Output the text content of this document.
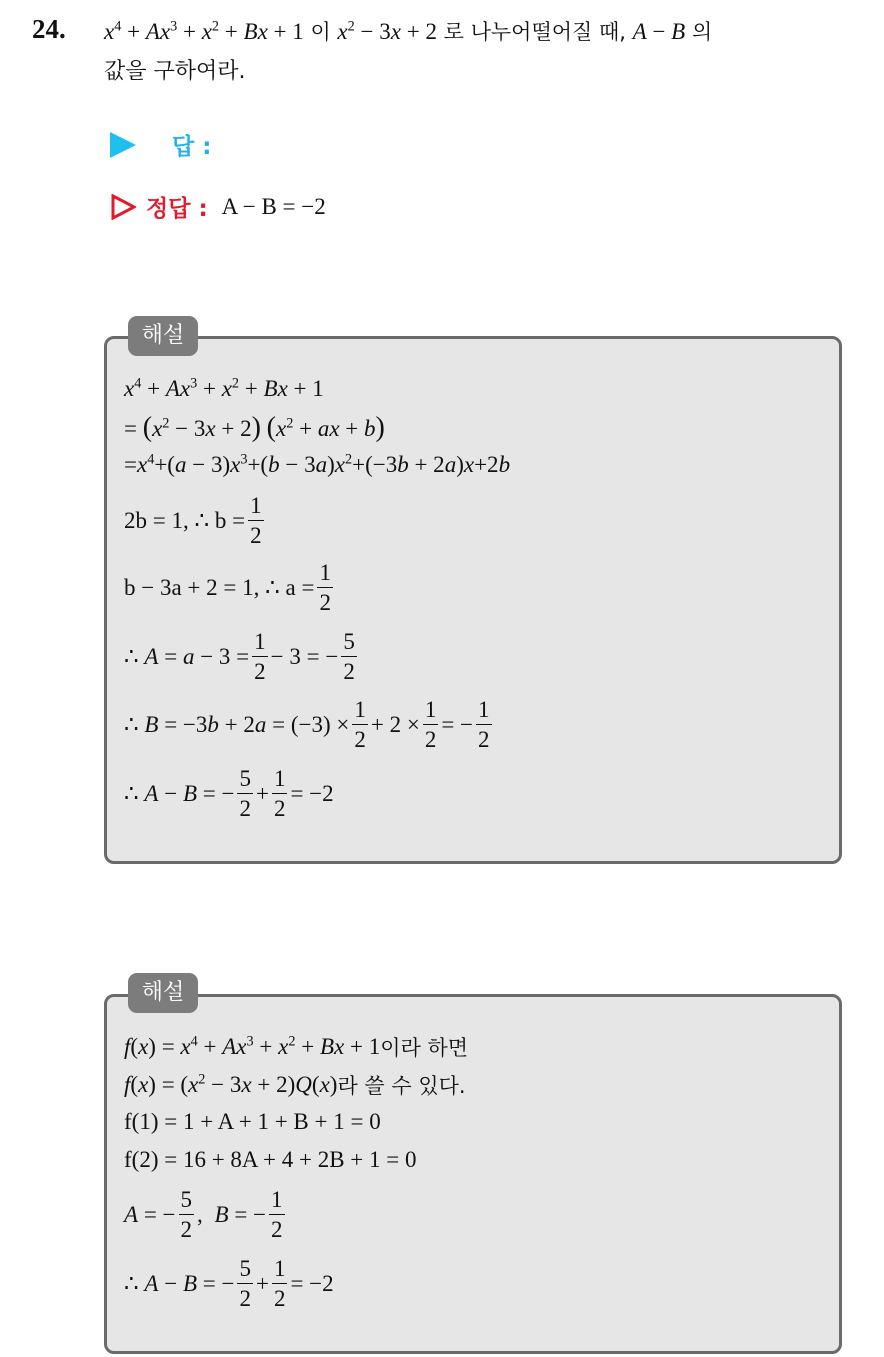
24. $x^4 + Ax^3 + x^2 + Bx + 1$ 이 $x^2 - 3x + 2$ 로 나누어떨어질 때, A − B 의
값을 구하여라.
답 :
정답 : A − B = −2
해설
$x^4 + Ax^3 + x^2 + Bx + 1$
= $(x^2 - 3x + 2) (x^2$ + ax + b)
$=x^4+(a - 3)x^3+(b - 3a)x^2+(-3b + 2a)x+2b$
2b = 1, ∴ $b = \frac{1}{2}$
b − 3a + 2 = 1, ∴ $a = \frac{1}{2}$
∴ $A = a - 3 = \frac{1}{2} - 3$ = − $\frac{5}{2}$
∴ $B = -3b + 2a = (-3) \times \frac{1}{2} + 2 \times \frac{1}{2}$ = − $\frac{1}{2}$
∴ A − B = − $\frac{5}{2} + \frac{1}{2} = -2$
해설
$f(x) = x^4 + Ax^3 + x^2 + Bx + 1$ 이라 하면
$f(x) = (x^2 - 3x + 2)Q(x)$ 라 쓸 수 있다.
f(1) = 1 + A + 1 + B + 1 = 0
f(2) = 16 + 8A + 4 + 2B + 1 = 0
A = − $\frac{5}{2}$ , B = − $\frac{1}{2}$
∴ A − B = − $\frac{5}{2} + \frac{1}{2} = -2$
